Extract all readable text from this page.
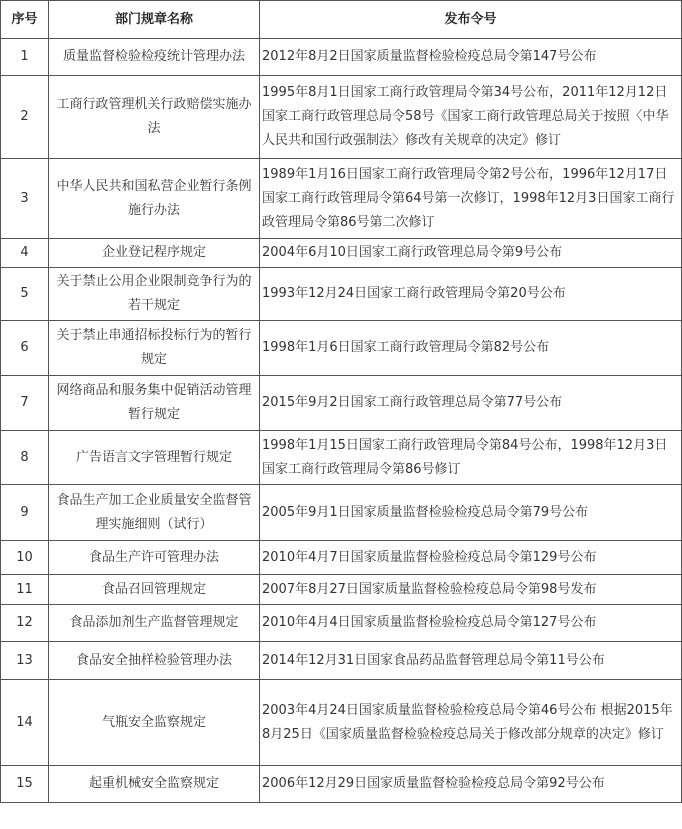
序号	部门规章名称	发布令号
1	质量监督检验检疫统计管理办法	2012年8月2日国家质量监督检验检疫总局令第147号公布
2	工商行政管理机关行政赔偿实施办法	1995年8月1日国家工商行政管理局令第34号公布，2011年12月12日国家工商行政管理总局令58号《国家工商行政管理总局关于按照〈中华人民共和国行政强制法〉修改有关规章的决定》修订
3	中华人民共和国私营企业暂行条例施行办法	1989年1月16日国家工商行政管理局令第2号公布，1996年12月17日国家工商行政管理局令第64号第一次修订，1998年12月3日国家工商行政管理局令第86号第二次修订
4	企业登记程序规定	2004年6月10日国家工商行政管理总局令第9号公布
5	关于禁止公用企业限制竞争行为的若干规定	1993年12月24日国家工商行政管理局令第20号公布
6	关于禁止串通招标投标行为的暂行规定	1998年1月6日国家工商行政管理局令第82号公布
7	网络商品和服务集中促销活动管理暂行规定	2015年9月2日国家工商行政管理总局令第77号公布
8	广告语言文字管理暂行规定	1998年1月15日国家工商行政管理局令第84号公布，1998年12月3日国家工商行政管理局令第86号修订
9	食品生产加工企业质量安全监督管理实施细则（试行）	2005年9月1日国家质量监督检验检疫总局令第79号公布
10	食品生产许可管理办法	2010年4月7日国家质量监督检验检疫总局令第129号公布
11	食品召回管理规定	2007年8月27日国家质量监督检验检疫总局令第98号发布
12	食品添加剂生产监督管理规定	2010年4月4日国家质量监督检验检疫总局令第127号公布
13	食品安全抽样检验管理办法	2014年12月31日国家食品药品监督管理总局令第11号公布
14	气瓶安全监察规定	2003年4月24日国家质量监督检验检疫总局令第46号公布 根据2015年8月25日《国家质量监督检验检疫总局关于修改部分规章的决定》修订
15	起重机械安全监察规定	2006年12月29日国家质量监督检验检疫总局令第92号公布
